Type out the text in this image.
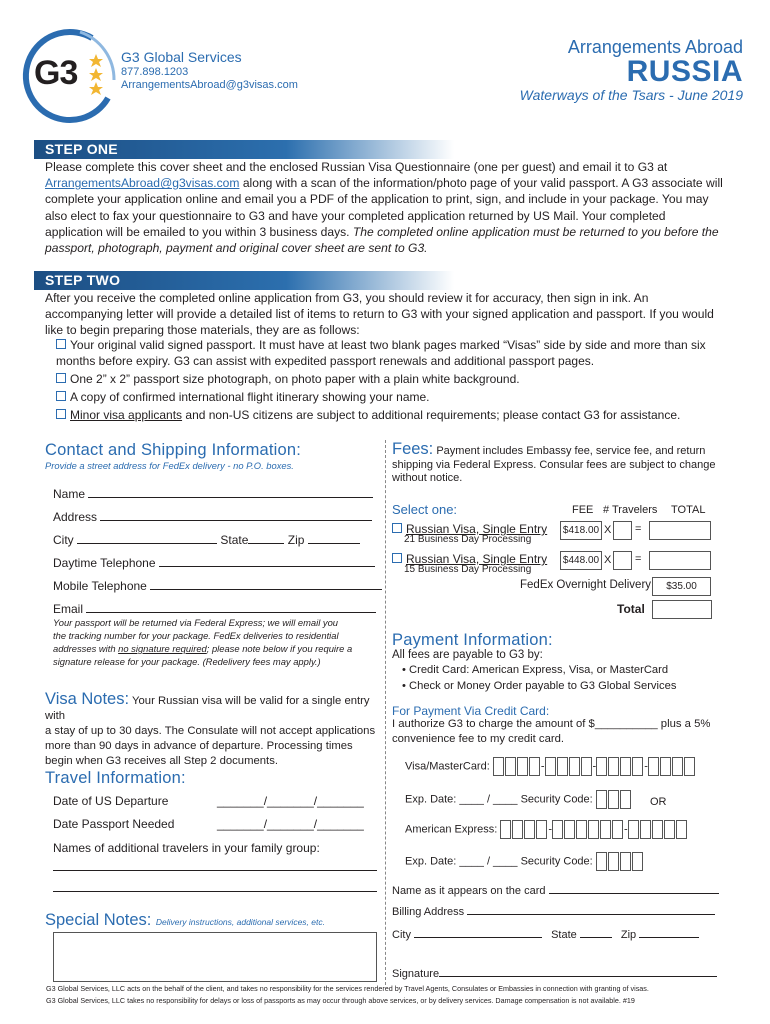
G3	G3 Global Services
877.898.1203
ArrangementsAbroad@g3visas.com
Arrangements Abroad
RUSSIA
Waterways of the Tsars - June 2019
STEP ONE
Please complete this cover sheet and the enclosed Russian Visa Questionnaire (one per guest) and email it to G3 at
ArrangementsAbroad@g3visas.com along with a scan of the information/photo page of your valid passport. A G3 associate will complete your application online and email you a PDF of the application to print, sign, and include in your package. You may also elect to fax your questionnaire to G3 and have your completed application returned by US Mail. Your completed application will be emailed to you within 3 business days. The completed online application must be returned to you before the passport, photograph, payment and original cover sheet are sent to G3.
STEP TWO
After you receive the completed online application from G3, you should review it for accuracy, then sign in ink. An accompanying letter will provide a detailed list of items to return to G3 with your signed application and passport. If you would like to begin preparing those materials, they are as follows:
Your original valid signed passport. It must have at least two blank pages marked “Visas” side by side and more than six
months before expiry. G3 can assist with expedited passport renewals and additional passport pages.
One 2” x 2” passport size photograph, on photo paper with a plain white background.
A copy of confirmed international flight itinerary showing your name.
Minor visa applicants and non-US citizens are subject to additional requirements; please contact G3 for assistance.
Contact and Shipping Information:
Provide a street address for FedEx delivery - no P.O. boxes.
Name
Address
City	State	Zip
Daytime Telephone
Mobile Telephone
Email
Your passport will be returned via Federal Express; we will email you
the tracking number for your package. FedEx deliveries to residential
addresses with no signature required; please note below if you require a
signature release for your package. (Redelivery fees may apply.)
Visa Notes: Your Russian visa will be valid for a single entry with
a stay of up to 30 days. The Consulate will not accept applications
more than 90 days in advance of departure. Processing times
begin when G3 receives all Step 2 documents.
Travel Information:
Date of US Departure	_______/_______/_______
Date Passport Needed	_______/_______/_______
Names of additional travelers in your family group:
Special Notes: Delivery instructions, additional services, etc.
Fees: Payment includes Embassy fee, service fee, and return
shipping via Federal Express. Consular fees are subject to change
without notice.
Select one:	FEE # Travelers TOTAL
Russian Visa, Single Entry
21 Business Day Processing
$418.00 X =
Russian Visa, Single Entry
15 Business Day Processing
$448.00 X =
FedEx Overnight Delivery	$35.00
Total
Payment Information:
All fees are payable to G3 by:
• Credit Card: American Express, Visa, or MasterCard
• Check or Money Order payable to G3 Global Services
For Payment Via Credit Card:
I authorize G3 to charge the amount of $__________ plus a 5%
convenience fee to my credit card.
Visa/MasterCard:	-	-	-
Exp. Date: ____ / ____ Security Code:	OR
American Express:	-	-
Exp. Date: ____ / ____ Security Code:
Name as it appears on the card
Billing Address
City	State	Zip
Signature
G3 Global Services, LLC acts on the behalf of the client, and takes no responsibility for the services rendered by Travel Agents, Consulates or Embassies in connection with granting of visas.
G3 Global Services, LLC takes no responsibility for delays or loss of passports as may occur through above services, or by delivery services. Damage compensation is not available. #19
